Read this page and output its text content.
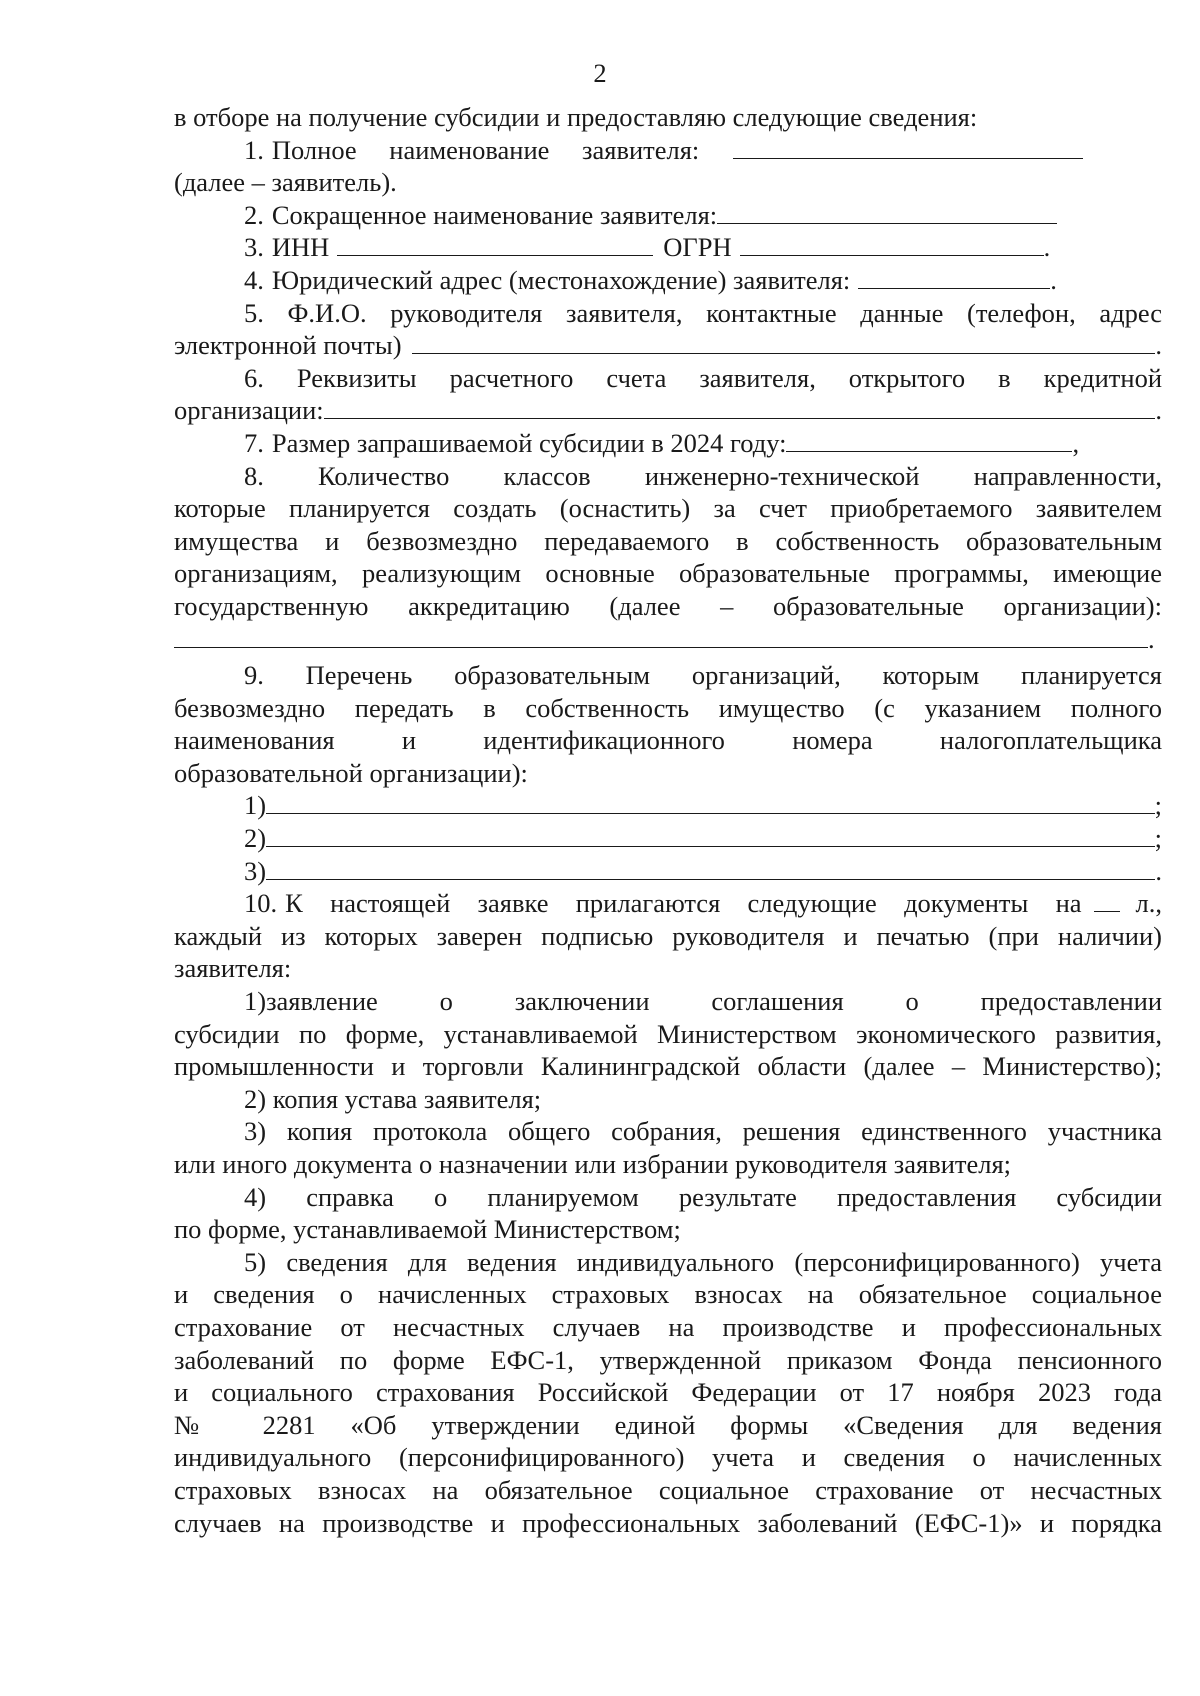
2
в отборе на получение субсидии и предоставляю следующие сведения:
1. Полное наименование заявителя:
(далее – заявитель).
2. Сокращенное наименование заявителя:
3. ИНН	ОГРН	.
4. Юридический адрес (местонахождение) заявителя:	.
5. Ф.И.О. руководителя заявителя, контактные данные (телефон, адрес
электронной почты)	.
6. Реквизиты расчетного счета заявителя, открытого в кредитной
организации:	.
7. Размер запрашиваемой субсидии в 2024 году:	,
8. Количество классов инженерно-технической направленности,
которые планируется создать (оснастить) за счет приобретаемого заявителем
имущества и безвозмездно передаваемого в собственность образовательным
организациям, реализующим основные образовательные программы, имеющие
государственную аккредитацию (далее – образовательные организации):
.
9. Перечень образовательным организаций, которым планируется
безвозмездно передать в собственность имущество (с указанием полного
наименования и идентификационного номера налогоплательщика
образовательной организации):
1)	;
2)	;
3)	.
10. К настоящей заявке прилагаются следующие документы на л.,
каждый из которых заверен подписью руководителя и печатью (при наличии)
заявителя:
1)заявление о заключении соглашения о предоставлении
субсидии по форме, устанавливаемой Министерством экономического развития,
промышленности и торговли Калининградской области (далее – Министерство);
2) копия устава заявителя;
3) копия протокола общего собрания, решения единственного участника
или иного документа о назначении или избрании руководителя заявителя;
4) справка о планируемом результате предоставления субсидии
по форме, устанавливаемой Министерством;
5) сведения для ведения индивидуального (персонифицированного) учета
и сведения о начисленных страховых взносах на обязательное социальное
страхование от несчастных случаев на производстве и профессиональных
заболеваний по форме ЕФС-1, утвержденной приказом Фонда пенсионного
и социального страхования Российской Федерации от 17 ноября 2023 года
№ 2281 «Об утверждении единой формы «Сведения для ведения
индивидуального (персонифицированного) учета и сведения о начисленных
страховых взносах на обязательное социальное страхование от несчастных
случаев на производстве и профессиональных заболеваний (ЕФС-1)» и порядка
